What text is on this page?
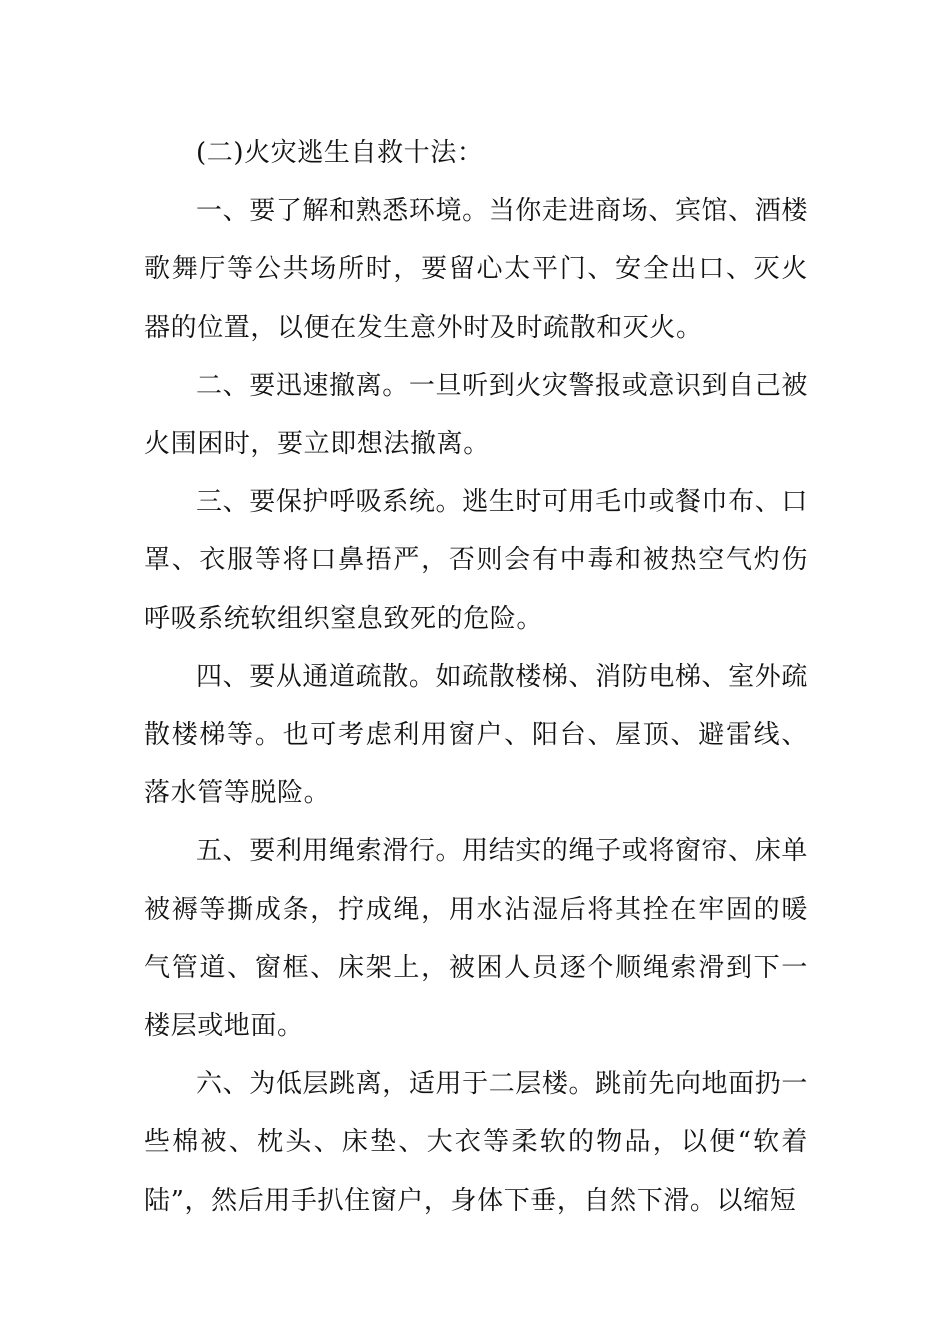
(二)火灾逃生自救十法：

一、要了解和熟悉环境。当你走进商场、宾馆、酒楼歌舞厅等公共场所时，要留心太平门、安全出口、灭火器的位置，以便在发生意外时及时疏散和灭火。

二、要迅速撤离。一旦听到火灾警报或意识到自己被火围困时，要立即想法撤离。

三、要保护呼吸系统。逃生时可用毛巾或餐巾布、口罩、衣服等将口鼻捂严，否则会有中毒和被热空气灼伤呼吸系统软组织窒息致死的危险。

四、要从通道疏散。如疏散楼梯、消防电梯、室外疏散楼梯等。也可考虑利用窗户、阳台、屋顶、避雷线、落水管等脱险。

五、要利用绳索滑行。用结实的绳子或将窗帘、床单被褥等撕成条，拧成绳，用水沾湿后将其拴在牢固的暖气管道、窗框、床架上，被困人员逐个顺绳索滑到下一楼层或地面。

六、为低层跳离，适用于二层楼。跳前先向地面扔一些棉被、枕头、床垫、大衣等柔软的物品，以便“软着陆”，然后用手扒住窗户，身体下垂，自然下滑。以缩短
